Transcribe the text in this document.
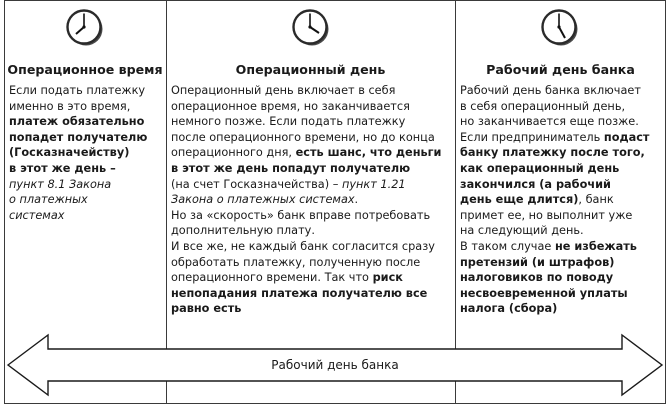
Рабочий день банка
Операционное время
Если подать платежку
именно в это время,
платеж обязательно
попадет получателю
(Госказначейству)
в этот же день –
пункт 8.1 Закона
о платежных
системах
Операционный день
Операционный день включает в себя
операционное время, но заканчивается
немного позже. Если подать платежку
после операционного времени, но до конца
операционного дня, есть шанс, что деньги
в этот же день попадут получателю
(на счет Госказначейства) – пункт 1.21
Закона о платежных системах.
Но за «скорость» банк вправе потребовать
дополнительную плату.
И все же, не каждый банк согласится сразу
обработать платежку, полученную после
операционного времени. Так что риск
непопадания платежа получателю все
равно есть
Рабочий день банка
Рабочий день банка включает
в себя операционный день,
но заканчивается еще позже.
Если предприниматель подаст
банку платежку после того,
как операционный день
закончился (а рабочий
день еще длится), банк
примет ее, но выполнит уже
на следующий день.
В таком случае не избежать
претензий (и штрафов)
налоговиков по поводу
несвоевременной уплаты
налога (сбора)
